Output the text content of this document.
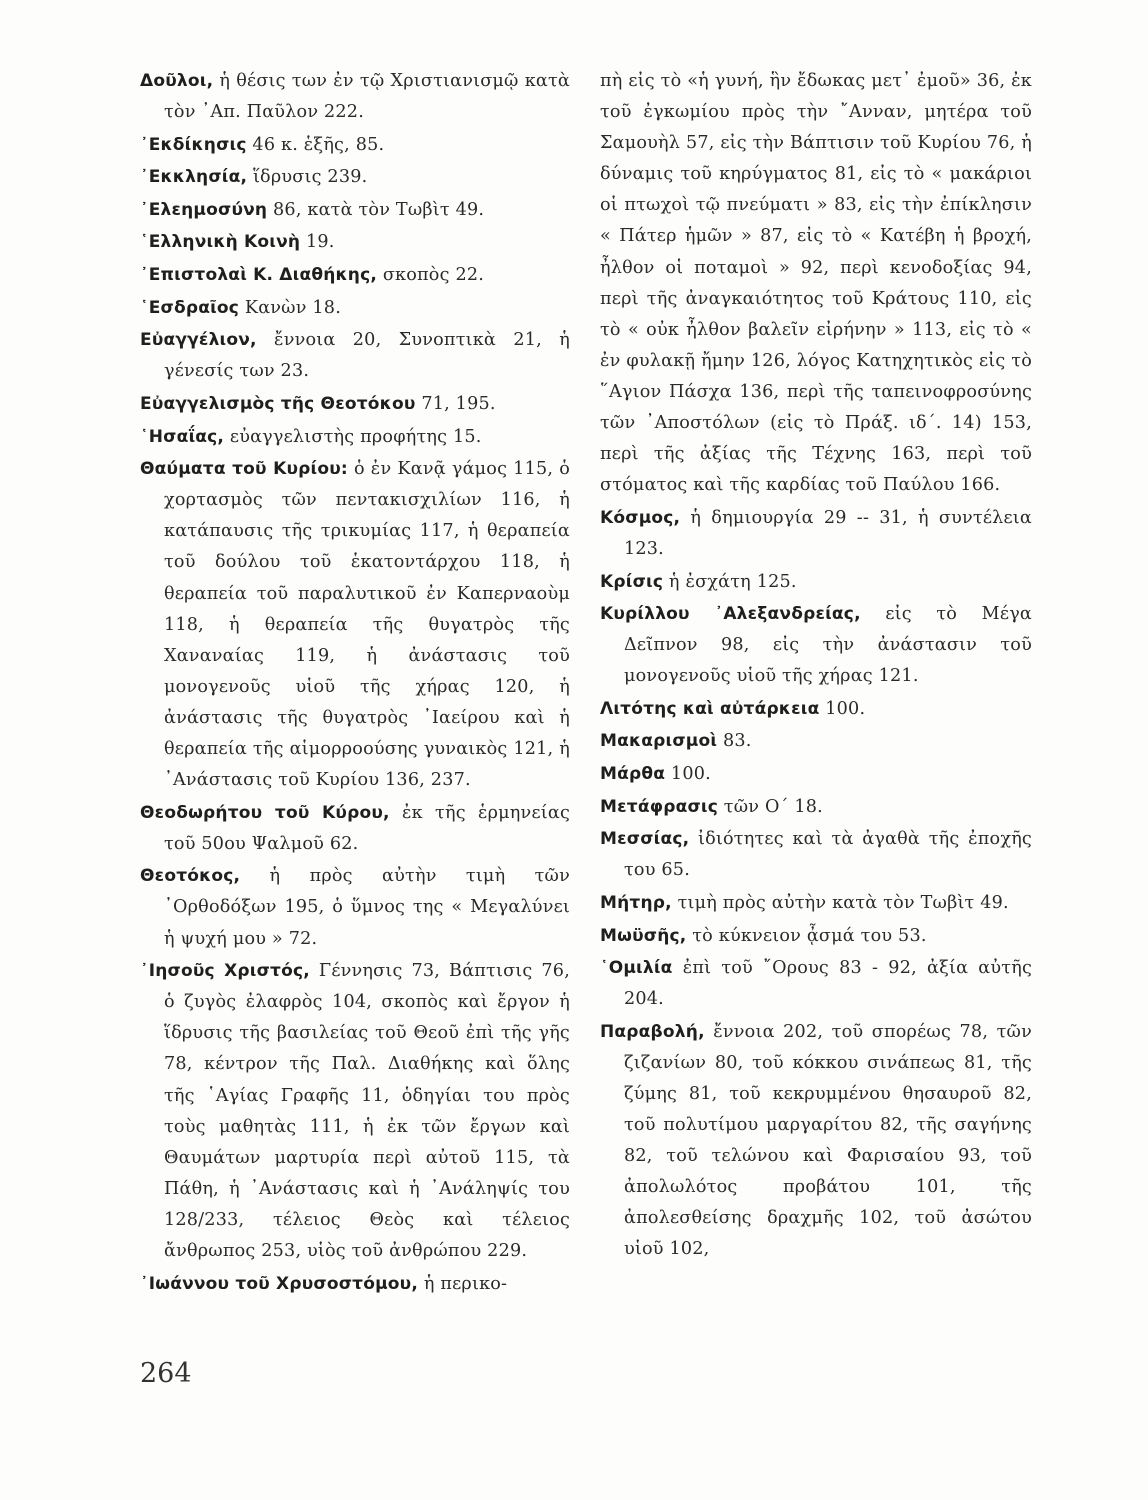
Δοῦλοι, ἡ θέσις των ἐν τῷ Χριστιανισμῷ κατὰ τὸν ᾽Απ. Παῦλον 222.

᾽Εκδίκησις 46 κ. ἑξῆς, 85.

᾽Εκκλησία, ἵδρυσις 239.

᾽Ελεημοσύνη 86, κατὰ τὸν Τωβὶτ 49.

῾Ελληνικὴ Κοινὴ 19.

᾽Επιστολαὶ Κ. Διαθήκης, σκοπὸς 22.

῾Εσδραῖος Κανὼν 18.

Εὐαγγέλιον, ἔννοια 20, Συνοπτικὰ 21, ἡ γένεσίς των 23.

Εὐαγγελισμὸς τῆς Θεοτόκου 71, 195.

῾Ησαΐας, εὐαγγελιστὴς προφήτης 15.

Θαύματα τοῦ Κυρίου: ὁ ἐν Κανᾷ γάμος 115, ὁ χορτασμὸς τῶν πεντακισχιλίων 116, ἡ κατάπαυσις τῆς τρικυμίας 117, ἡ θεραπεία τοῦ δούλου τοῦ ἑκατοντάρχου 118, ἡ θεραπεία τοῦ παραλυτικοῦ ἐν Καπερναοὺμ 118, ἡ θεραπεία τῆς θυγατρὸς τῆς Χαναναίας 119, ἡ ἀνάστασις τοῦ μονογενοῦς υἱοῦ τῆς χήρας 120, ἡ ἀνάστασις τῆς θυγατρὸς ᾽Ιαείρου καὶ ἡ θεραπεία τῆς αἱμορροούσης γυναικὸς 121, ἡ ᾽Ανάστασις τοῦ Κυρίου 136, 237.

Θεοδωρήτου τοῦ Κύρου, ἐκ τῆς ἑρμηνείας τοῦ 50ου Ψαλμοῦ 62.

Θεοτόκος, ἡ πρὸς αὐτὴν τιμὴ τῶν ᾽Ορθοδόξων 195, ὁ ὕμνος της « Μεγαλύνει ἡ ψυχή μου » 72.

᾽Ιησοῦς Χριστός, Γέννησις 73, Βάπτισις 76, ὁ ζυγὸς ἐλαφρὸς 104, σκοπὸς καὶ ἔργον ἡ ἵδρυσις τῆς βασιλείας τοῦ Θεοῦ ἐπὶ τῆς γῆς 78, κέντρον τῆς Παλ. Διαθήκης καὶ ὅλης τῆς ῾Αγίας Γραφῆς 11, ὁδηγίαι του πρὸς τοὺς μαθητὰς 111, ἡ ἐκ τῶν ἔργων καὶ Θαυμάτων μαρτυρία περὶ αὐτοῦ 115, τὰ Πάθη, ἡ ᾽Ανάστασις καὶ ἡ ᾽Ανάληψίς του 128/233, τέλειος Θεὸς καὶ τέλειος ἄνθρωπος 253, υἱὸς τοῦ ἀνθρώπου 229.

᾽Ιωάννου τοῦ Χρυσοστόμου, ἡ περικο-

πὴ εἰς τὸ «ἡ γυνή, ἣν ἔδωκας μετ᾽ ἐμοῦ» 36, ἐκ τοῦ ἐγκωμίου πρὸς τὴν ῎Ανναν, μητέρα τοῦ Σαμουὴλ 57, εἰς τὴν Βάπτισιν τοῦ Κυρίου 76, ἡ δύναμις τοῦ κηρύγματος 81, εἰς τὸ « μακάριοι οἱ πτωχοὶ τῷ πνεύματι » 83, εἰς τὴν ἐπίκλησιν « Πάτερ ἡμῶν » 87, εἰς τὸ « Κατέβη ἡ βροχή, ἦλθον οἱ ποταμοὶ » 92, περὶ κενοδοξίας 94, περὶ τῆς ἀναγκαιότητος τοῦ Κράτους 110, εἰς τὸ « οὐκ ἦλθον βαλεῖν εἰρήνην » 113, εἰς τὸ « ἐν φυλακῇ ἤμην 126, λόγος Κατηχητικὸς εἰς τὸ ῞Αγιον Πάσχα 136, περὶ τῆς ταπεινοφροσύνης τῶν ᾽Αποστόλων (εἰς τὸ Πράξ. ιδ΄. 14) 153, περὶ τῆς ἀξίας τῆς Τέχνης 163, περὶ τοῦ στόματος καὶ τῆς καρδίας τοῦ Παύλου 166.

Κόσμος, ἡ δημιουργία 29 -- 31, ἡ συντέλεια 123.

Κρίσις ἡ ἐσχάτη 125.

Κυρίλλου ᾽Αλεξανδρείας, εἰς τὸ Μέγα Δεῖπνον 98, εἰς τὴν ἀνάστασιν τοῦ μονογενοῦς υἱοῦ τῆς χήρας 121.

Λιτότης καὶ αὐτάρκεια 100.

Μακαρισμοὶ 83.

Μάρθα 100.

Μετάφρασις τῶν Ο΄ 18.

Μεσσίας, ἰδιότητες καὶ τὰ ἀγαθὰ τῆς ἐποχῆς του 65.

Μήτηρ, τιμὴ πρὸς αὐτὴν κατὰ τὸν Τωβὶτ 49.

Μωϋσῆς, τὸ κύκνειον ᾆσμά του 53.

῾Ομιλία ἐπὶ τοῦ ῎Ορους 83 - 92, ἀξία αὐτῆς 204.

Παραβολή, ἔννοια 202, τοῦ σπορέως 78, τῶν ζιζανίων 80, τοῦ κόκκου σινάπεως 81, τῆς ζύμης 81, τοῦ κεκρυμμένου θησαυροῦ 82, τοῦ πολυτίμου μαργαρίτου 82, τῆς σαγήνης 82, τοῦ τελώνου καὶ Φαρισαίου 93, τοῦ ἀπολωλότος προβάτου 101, τῆς ἀπολεσθείσης δραχμῆς 102, τοῦ ἀσώτου υἱοῦ 102,

264
